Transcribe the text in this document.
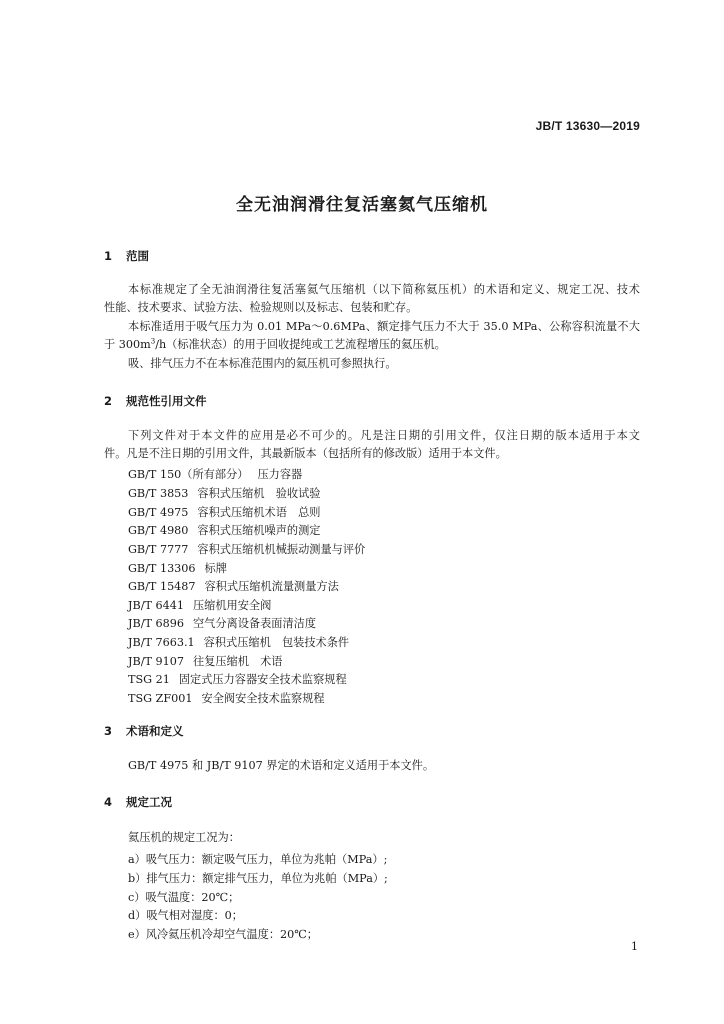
JB/T 13630—2019
全无油润滑往复活塞氦气压缩机
1 范围
本标准规定了全无油润滑往复活塞氦气压缩机（以下简称氦压机）的术语和定义、规定工况、技术
性能、技术要求、试验方法、检验规则以及标志、包装和贮存。
本标准适用于吸气压力为 0.01 MPa～0.6MPa、额定排气压力不大于 35.0 MPa、公称容积流量不大
于 $300m^3/h$（标准状态）的用于回收提纯或工艺流程增压的氦压机。
吸、排气压力不在本标准范围内的氦压机可参照执行。
2 规范性引用文件
下列文件对于本文件的应用是必不可少的。凡是注日期的引用文件，仅注日期的版本适用于本文
件。凡是不注日期的引用文件，其最新版本（包括所有的修改版）适用于本文件。
GB/T 150（所有部分） 压力容器
GB/T 3853 容积式压缩机　验收试验
GB/T 4975 容积式压缩机术语　总则
GB/T 4980 容积式压缩机噪声的测定
GB/T 7777 容积式压缩机机械振动测量与评价
GB/T 13306 标牌
GB/T 15487 容积式压缩机流量测量方法
JB/T 6441 压缩机用安全阀
JB/T 6896 空气分离设备表面清洁度
JB/T 7663.1 容积式压缩机　包装技术条件
JB/T 9107 往复压缩机　术语
TSG 21 固定式压力容器安全技术监察规程
TSG ZF001 安全阀安全技术监察规程
3 术语和定义
GB/T 4975 和 JB/T 9107 界定的术语和定义适用于本文件。
4 规定工况
氦压机的规定工况为：
a）吸气压力：额定吸气压力，单位为兆帕（MPa）;
b）排气压力：额定排气压力，单位为兆帕（MPa）;
c）吸气温度：20℃；
d）吸气相对湿度：0；
e）风冷氦压机冷却空气温度：20℃；
1
